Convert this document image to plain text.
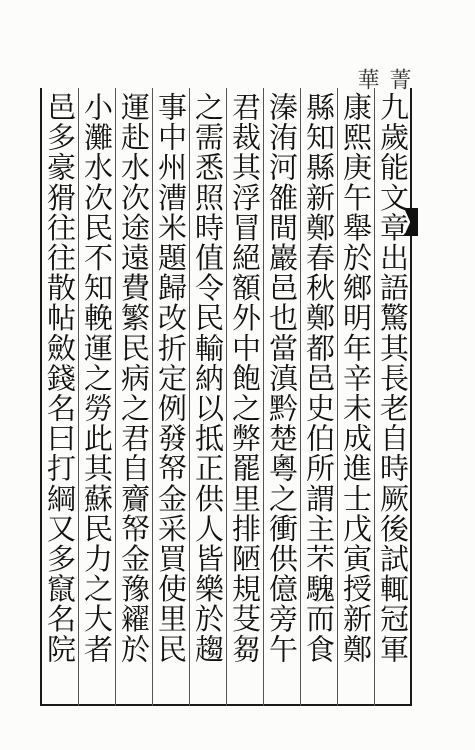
菁華
九歲能文章出語驚其長老自時厥後試輒冠軍
康熙庚午舉於鄉明年辛未成進士戊寅授新鄭
縣知縣新鄭春秋鄭都邑史伯所謂主芣騩而食
溱洧河雒間巖邑也當滇黔楚粵之衝供億旁午
君裁其浮冒絕額外中飽之弊罷里排陋規芟芻
之需悉照時值令民輸納以抵正供人皆樂於趨
事中州漕米題歸改折定例發帑金采買使里民
運赴水次途遠費繁民病之君自齎帑金豫糴於
小灘水次民不知輓運之勞此其蘇民力之大者
邑多豪猾往往散帖斂錢名曰打綱又多竄名院
